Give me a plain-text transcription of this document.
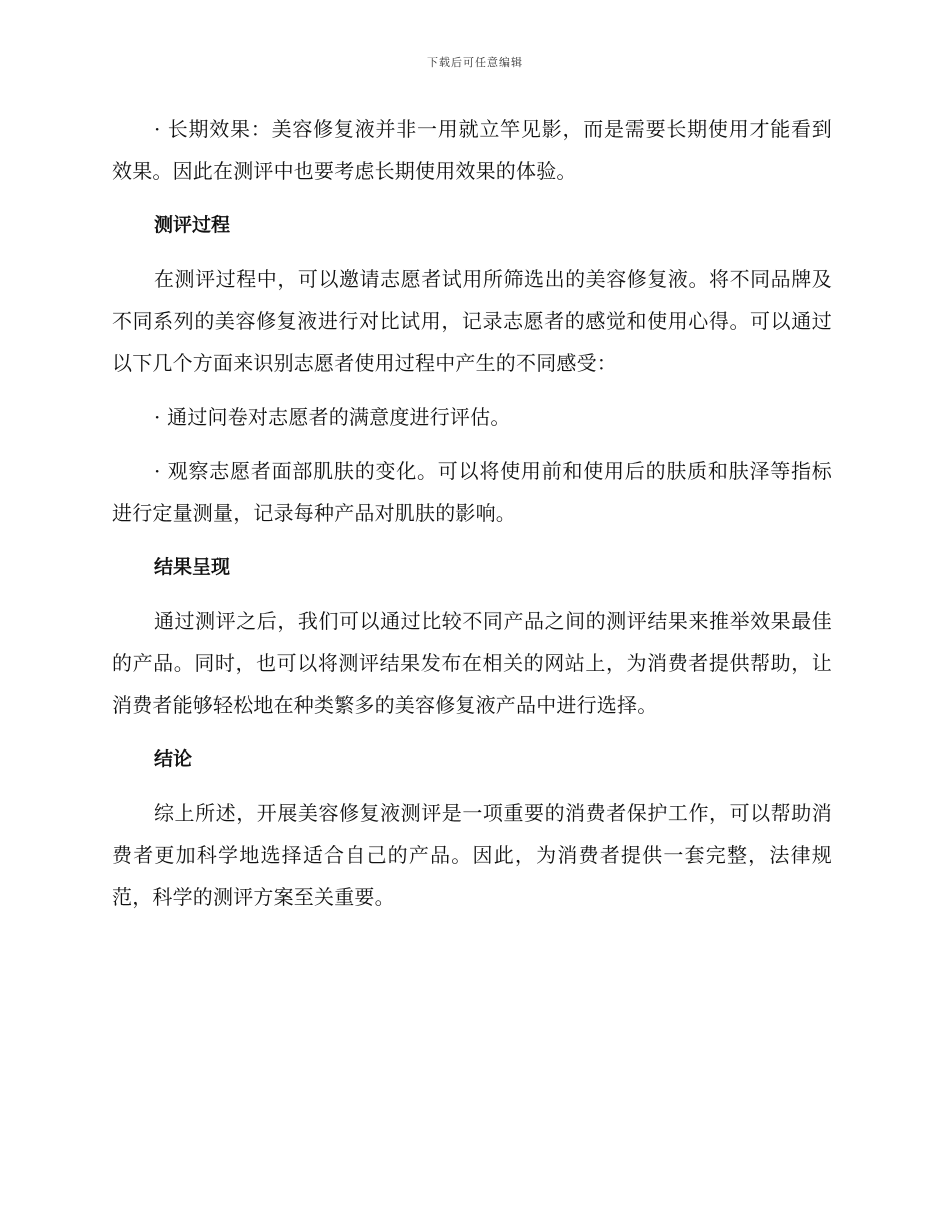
下载后可任意编辑

· 长期效果：美容修复液并非一用就立竿见影，而是需要长期使用才能看到效果。因此在测评中也要考虑长期使用效果的体验。

测评过程

在测评过程中，可以邀请志愿者试用所筛选出的美容修复液。将不同品牌及不同系列的美容修复液进行对比试用，记录志愿者的感觉和使用心得。可以通过以下几个方面来识别志愿者使用过程中产生的不同感受：

· 通过问卷对志愿者的满意度进行评估。

· 观察志愿者面部肌肤的变化。可以将使用前和使用后的肤质和肤泽等指标进行定量测量，记录每种产品对肌肤的影响。

结果呈现

通过测评之后，我们可以通过比较不同产品之间的测评结果来推举效果最佳的产品。同时，也可以将测评结果发布在相关的网站上，为消费者提供帮助，让消费者能够轻松地在种类繁多的美容修复液产品中进行选择。

结论

综上所述，开展美容修复液测评是一项重要的消费者保护工作，可以帮助消费者更加科学地选择适合自己的产品。因此，为消费者提供一套完整，法律规范，科学的测评方案至关重要。
